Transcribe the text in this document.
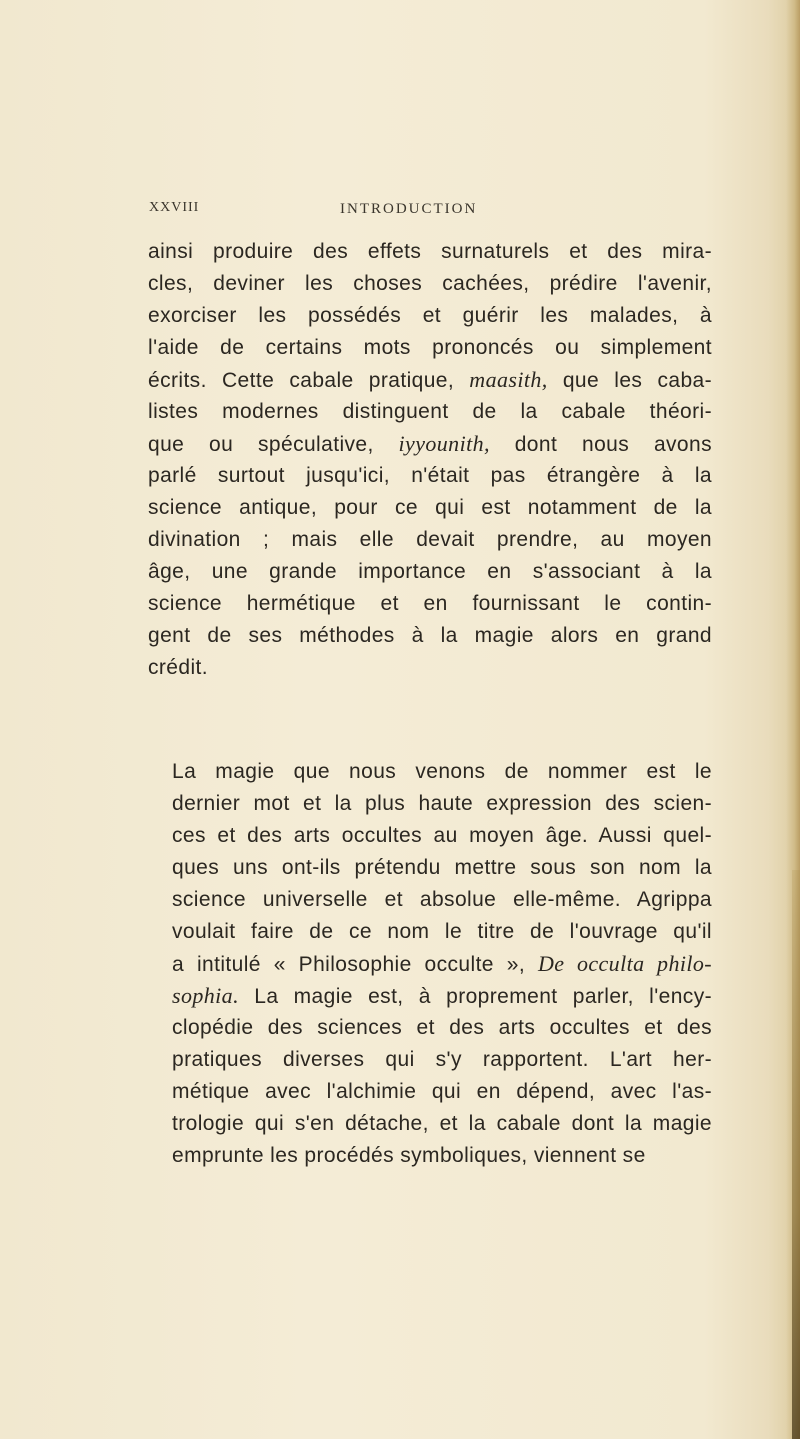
XXVIII	INTRODUCTION
ainsi produire des effets surnaturels et des mira-
cles, deviner les choses cachées, prédire l'avenir,
exorciser les possédés et guérir les malades, à
l'aide de certains mots prononcés ou simplement
écrits. Cette cabale pratique, maasith, que les caba-
listes modernes distinguent de la cabale théori-
que ou spéculative, iyyounith, dont nous avons
parlé surtout jusqu'ici, n'était pas étrangère à la
science antique, pour ce qui est notamment de la
divination ; mais elle devait prendre, au moyen
âge, une grande importance en s'associant à la
science hermétique et en fournissant le contin-
gent de ses méthodes à la magie alors en grand
crédit.
La magie que nous venons de nommer est le
dernier mot et la plus haute expression des scien-
ces et des arts occultes au moyen âge. Aussi quel-
ques uns ont-ils prétendu mettre sous son nom la
science universelle et absolue elle-même. Agrippa
voulait faire de ce nom le titre de l'ouvrage qu'il
a intitulé « Philosophie occulte », De occulta philo-
sophia. La magie est, à proprement parler, l'ency-
clopédie des sciences et des arts occultes et des
pratiques diverses qui s'y rapportent. L'art her-
métique avec l'alchimie qui en dépend, avec l'as-
trologie qui s'en détache, et la cabale dont la magie
emprunte les procédés symboliques, viennent se
